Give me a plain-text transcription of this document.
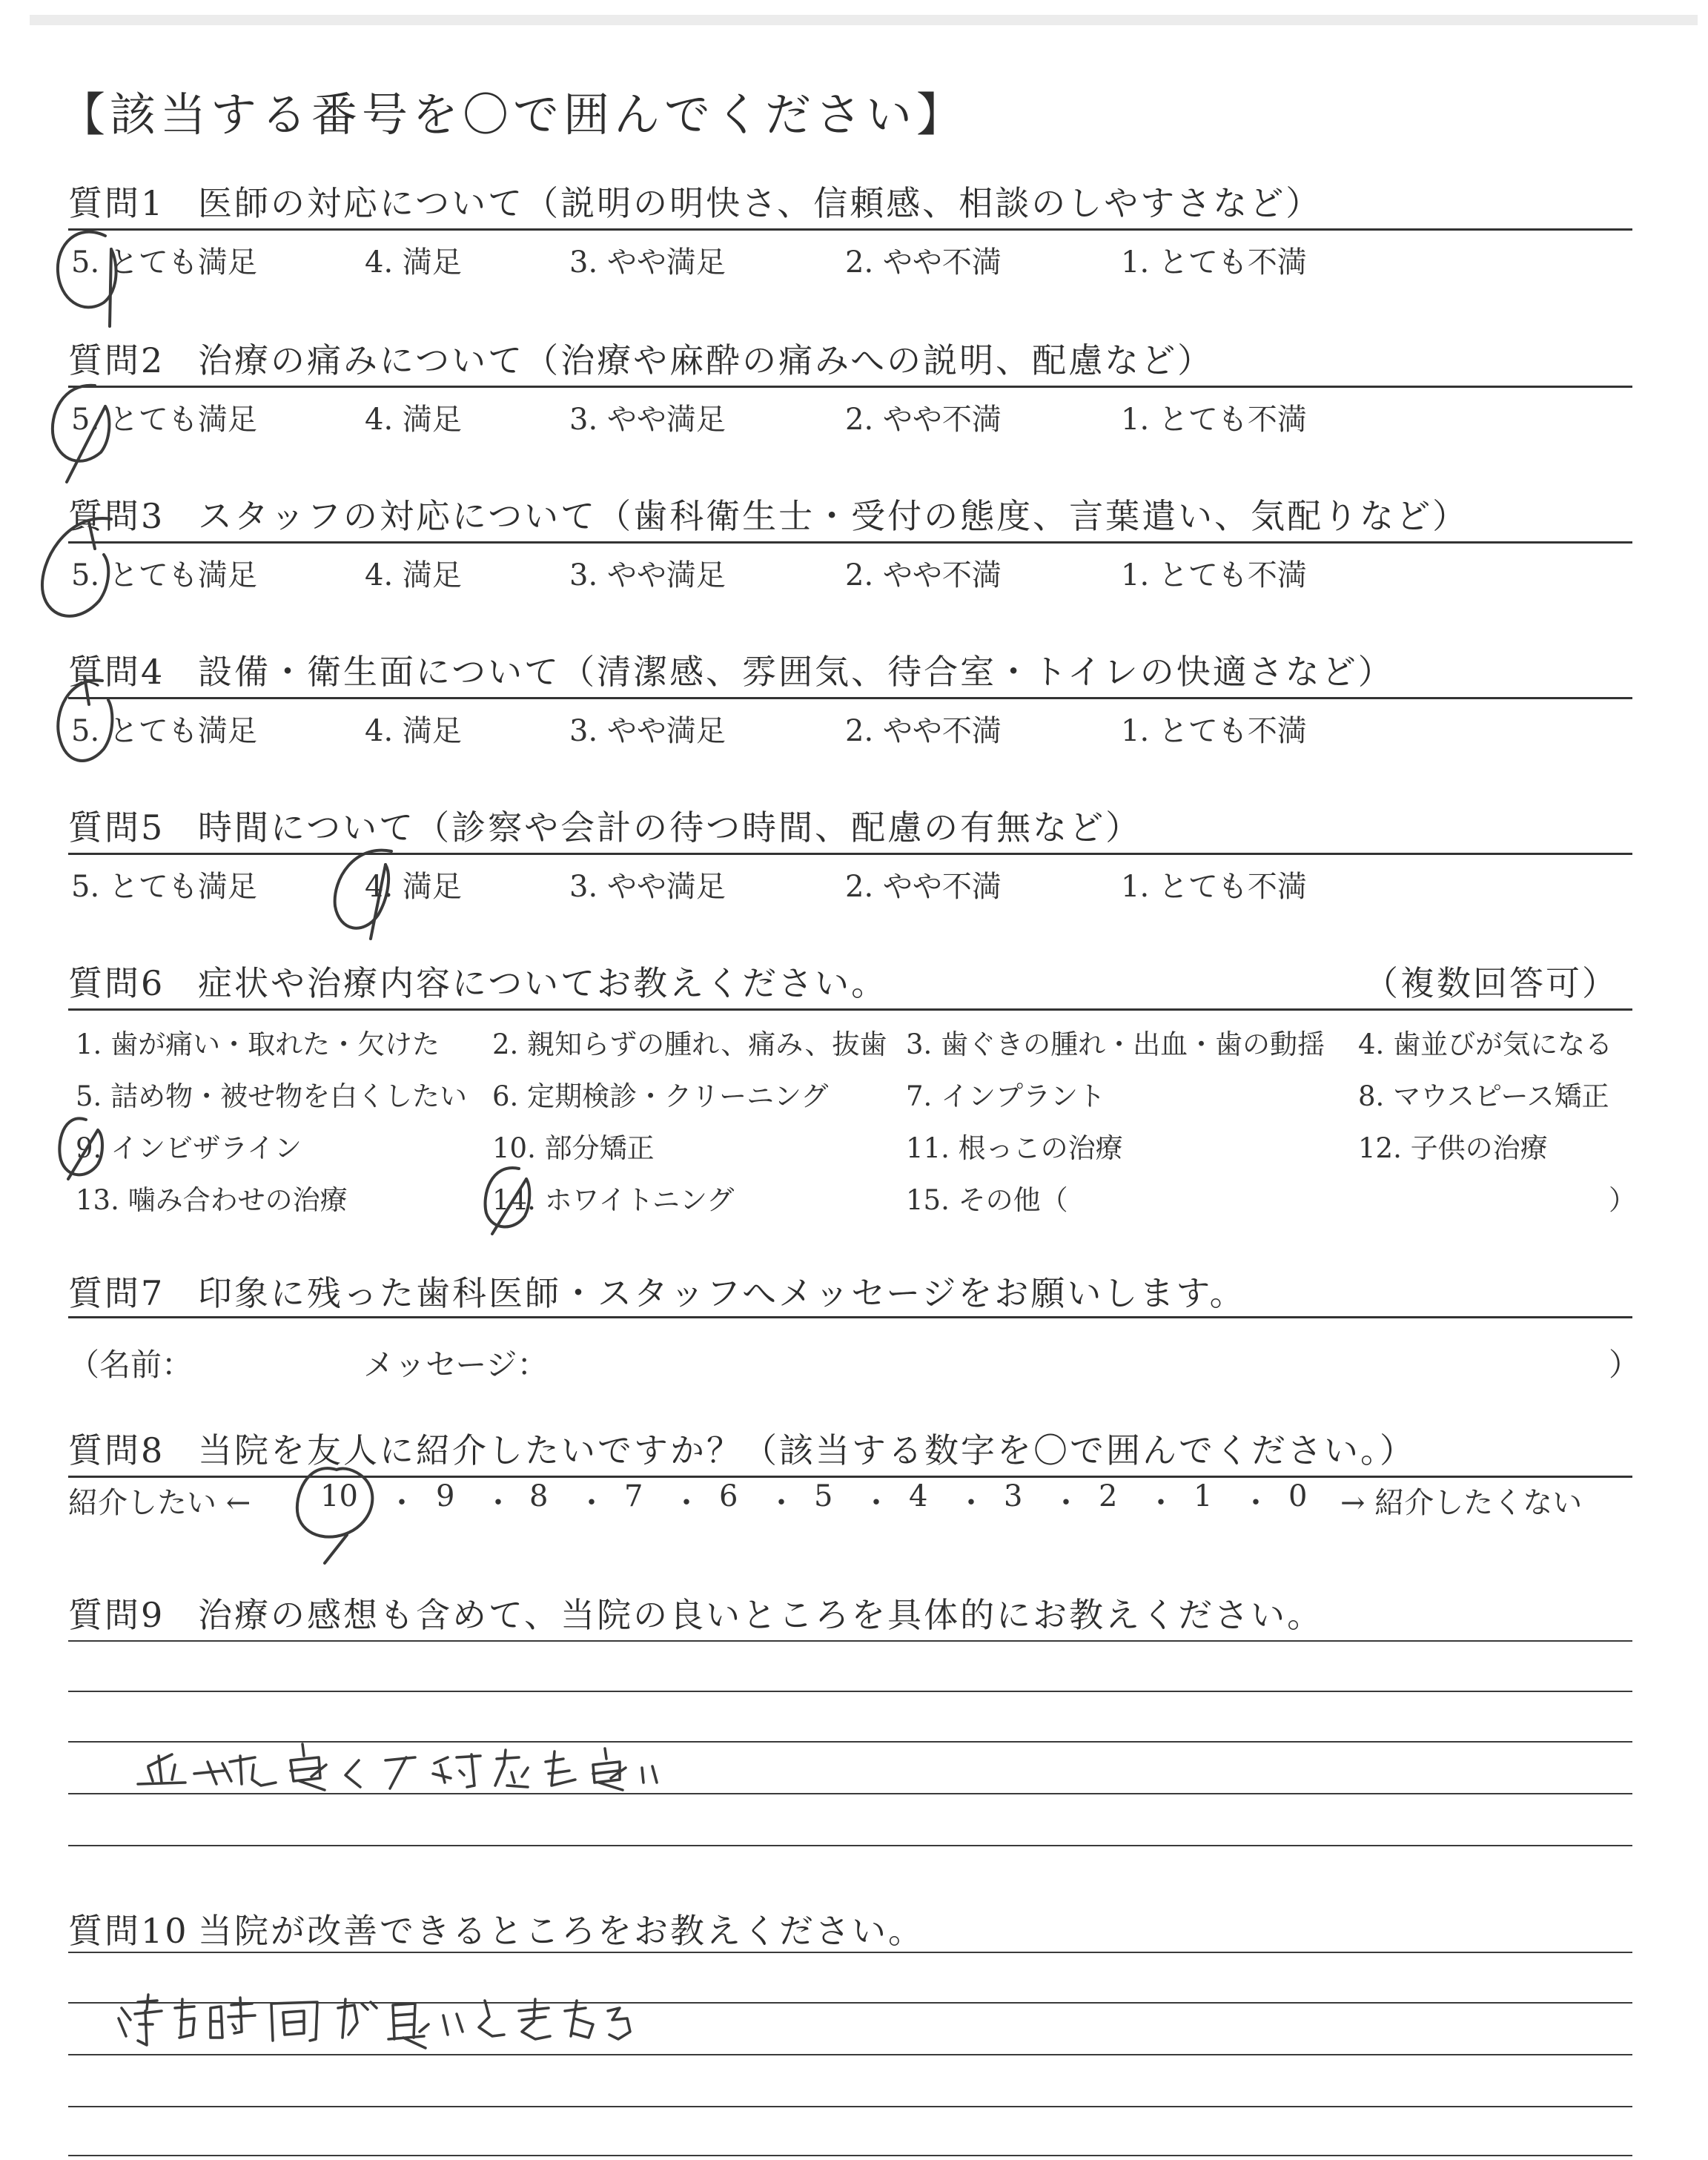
【該当する番号を〇で囲んでください】
質問1 医師の対応について（説明の明快さ、信頼感、相談のしやすさなど）
5. とても満足	4. 満足	3. やや満足	2. やや不満	1. とても不満
質問2 治療の痛みについて（治療や麻酔の痛みへの説明、配慮など）
5. とても満足	4. 満足	3. やや満足	2. やや不満	1. とても不満
質問3 スタッフの対応について（歯科衛生士・受付の態度、言葉遣い、気配りなど）
5. とても満足	4. 満足	3. やや満足	2. やや不満	1. とても不満
質問4 設備・衛生面について（清潔感、雰囲気、待合室・トイレの快適さなど）
5. とても満足	4. 満足	3. やや満足	2. やや不満	1. とても不満
質問5 時間について（診察や会計の待つ時間、配慮の有無など）
5. とても満足	4. 満足	3. やや満足	2. やや不満	1. とても不満
質問6 症状や治療内容についてお教えください。	（複数回答可）
1. 歯が痛い・取れた・欠けた 2. 親知らずの腫れ、痛み、抜歯 3. 歯ぐきの腫れ・出血・歯の動揺 4. 歯並びが気になる
5. 詰め物・被せ物を白くしたい 6. 定期検診・クリーニング	7. インプラント	8. マウスピース矯正
9. インビザライン	10. 部分矯正	11. 根っこの治療	12. 子供の治療
13. 噛み合わせの治療	14. ホワイトニング	15. その他（	）
質問7 印象に残った歯科医師・スタッフへメッセージをお願いします。
（名前：	メッセージ：	）
質問8 当院を友人に紹介したいですか？（該当する数字を〇で囲んでください。）
紹介したい ← 10 ・ 9 ・ 8 ・ 7 ・ 6 ・ 5 ・ 4 ・ 3 ・ 2 ・ 1 ・ 0 → 紹介したくない
質問9 治療の感想も含めて、当院の良いところを具体的にお教えください。
質問10 当院が改善できるところをお教えください。
